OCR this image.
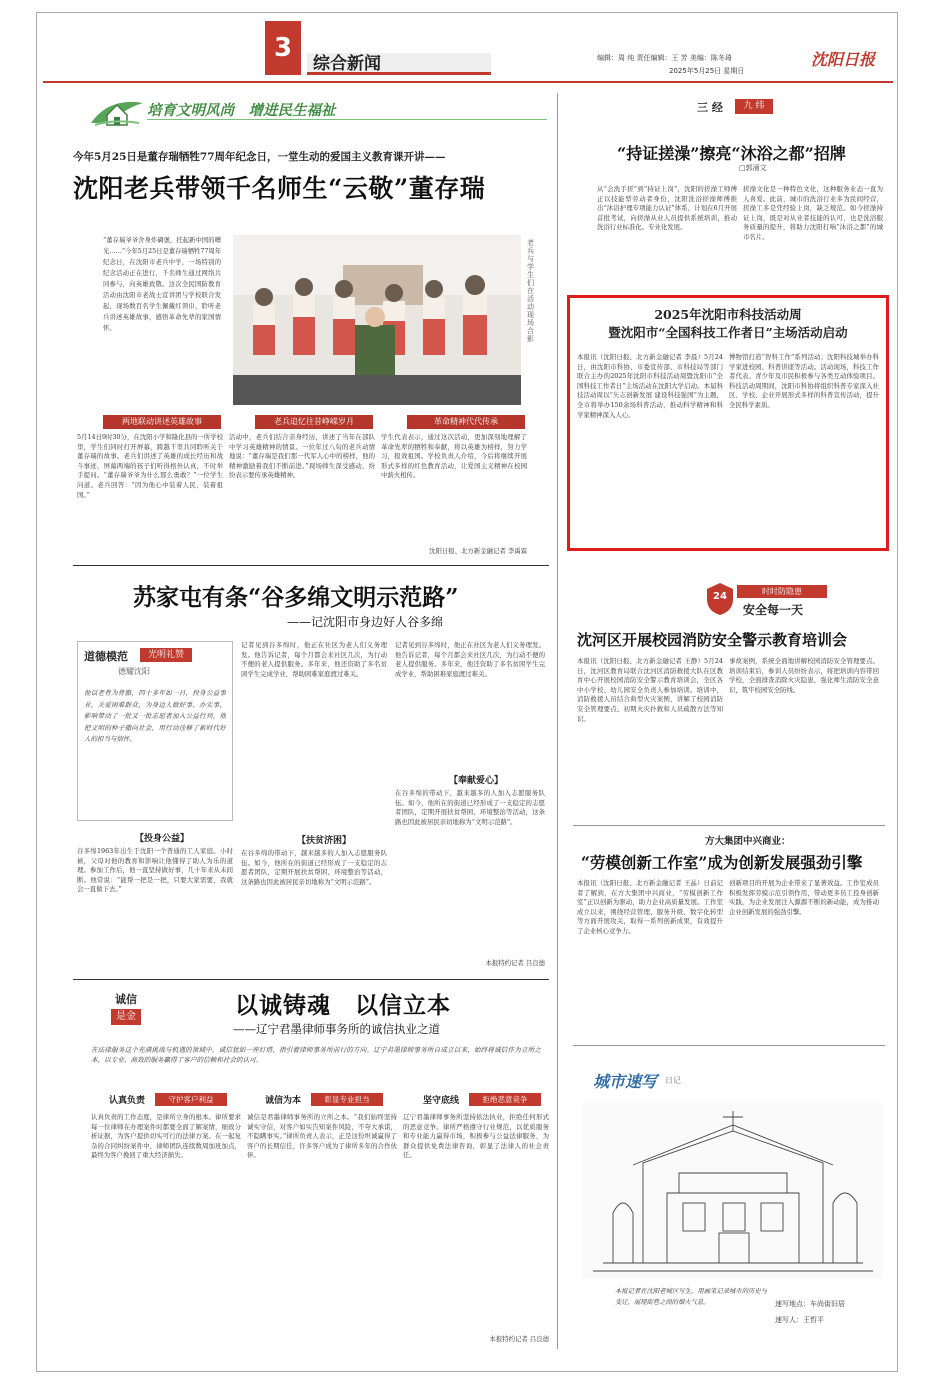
3
综合新闻	编辑：周 纯 责任编辑：王 芳 美编：陈冬琦
2025年5月25日 星期日
沈阳日报
培育文明风尚　增进民生福祉
今年5月25日是董存瑞牺牲77周年纪念日，一堂生动的爱国主义教育课开讲——
沈阳老兵带领千名师生“云敬”董存瑞
“董存瑞爷爷舍身炸碉堡，托起新中国的曙光……”今年5月25日是董存瑞牺牲77周年纪念日，在沈阳市老兵中学，一场特别的纪念活动正在进行，千名师生通过网络共同参与，向英雄致敬。这次全民国防教育活动由沈阳市老战士宣讲团与学校联合发起，现场数百名学生佩戴红领巾，聆听老兵讲述英雄故事，感悟革命先辈的家国情怀。
老兵与学生们在活动现场合影
两地联动讲述英雄故事	老兵追忆往昔峥嵘岁月	革命精神代代传承
5月14日9时30分，在沈阳小学和隆化县的一所学校里，学生们同时打开屏幕，跨越千里共同聆听关于董存瑞的故事。老兵们讲述了英雄的成长经历和战斗事迹，屏幕两端的孩子们听得格外认真，不时举手提问。“董存瑞爷爷为什么那么勇敢？”一位学生问道。老兵回答：“因为他心中装着人民，装着祖国。”
活动中，老兵们结合亲身经历，讲述了当年在部队中学习英雄精神的情景。一位年过八旬的老兵动情地说：“董存瑞是我们那一代军人心中的榜样，他的精神激励着我们不断前进。”现场师生深受感动，纷纷表示要传承英雄精神。
学生代表表示，通过这次活动，更加深刻地理解了革命先辈的牺牲和奉献，将以英雄为榜样，努力学习，报效祖国。学校负责人介绍，今后将继续开展形式多样的红色教育活动，让爱国主义精神在校园中薪火相传。
沈阳日报、北方新金融记者 李禹霖
苏家屯有条“谷多绵文明示范路”
——记沈阳市身边好人谷多绵
道德模范	光明礼赞
德耀沈阳
他以老骨为骨骼，四十多年如一日，投身公益事业，关爱困难群众，为身边人做好事、办实事，影响带动了一批又一批志愿者加入公益行列，他把文明的种子撒向社会，用行动诠释了新时代好人的担当与情怀。
【投身公益】
谷多绵1963年出生于沈阳一个普通的工人家庭。小时候，父母对他的教育和影响让他懂得了助人为乐的道理。参加工作后，他一直坚持做好事，几十年来从未间断。他常说：“能帮一把是一把，只要大家需要，我就会一直做下去。”
记者见到谷多绵时，他正在社区为老人们义务理发。他告诉记者，每个月都会来社区几次，为行动不便的老人提供服务。多年来，他还资助了多名贫困学生完成学业，帮助困难家庭渡过难关。
【扶贫济困】
在谷多绵的带动下，越来越多的人加入志愿服务队伍。如今，他所在的街道已经形成了一支稳定的志愿者团队，定期开展扶贫帮困、环境整治等活动，这条路也因此被居民亲切地称为“文明示范路”。
记者见到谷多绵时，他正在社区为老人们义务理发。他告诉记者，每个月都会来社区几次，为行动不便的老人提供服务。多年来，他还资助了多名贫困学生完成学业，帮助困难家庭渡过难关。
【奉献爱心】
在谷多绵的带动下，越来越多的人加入志愿服务队伍。如今，他所在的街道已经形成了一支稳定的志愿者团队，定期开展扶贫帮困、环境整治等活动，这条路也因此被居民亲切地称为“文明示范路”。
本报特约记者 吕良德
诚信
是金	以诚铸魂　以信立本
——辽宁君墨律师事务所的诚信执业之道
在法律服务这个充满挑战与机遇的领域中，诚信犹如一座灯塔，指引着律师事务所前行的方向。辽宁君墨律师事务所自成立以来，始终将诚信作为立所之本，以专业、高效的服务赢得了客户的信赖和社会的认可。
认真负责	守护客户利益	诚信为本	彰显专业担当	坚守底线	拒绝恶意竞争
认真负责的工作态度，是律所立身的根本。律所要求每一位律师在办理案件时都要全面了解案情，细致分析证据，为客户提供切实可行的法律方案。在一起复杂的合同纠纷案件中，律师团队连续数周加班加点，最终为客户挽回了重大经济损失。
诚信是君墨律师事务所的立所之本。“我们始终坚持诚实守信，对客户如实告知案件风险，不夸大承诺，不隐瞒事实。”律所负责人表示，正是这份坦诚赢得了客户的长期信任，许多客户成为了律所多年的合作伙伴。
辽宁君墨律师事务所坚持依法执业，拒绝任何形式的恶意竞争。律所严格遵守行业规范，以优质服务和专业能力赢得市场，积极参与公益法律服务，为群众提供免费法律咨询，彰显了法律人的社会责任。
本报特约记者 吕良德
三 经	九 纬
“持证搓澡”擦亮“沐浴之都”招牌
□郭涌文
从“会洗手搓”到“持证上岗”，沈阳的搓澡工师傅正以技能型劳动者身份，沈阳洗浴搓澡师傅推出“沐浴护理专项能力认证”体系，计划在6月开展首批考试，向搓澡从业人员提供系统培训，推动洗浴行业标准化、专业化发展。
搓澡文化是一种特色文化，这种服务业态一直为人喜爱。此前，城市的洗浴行业多为民间经营，搓澡工多是凭经验上岗，缺乏规范。如今搓澡持证上岗，既是对从业者技能的认可，也是洗浴服务质量的提升，将助力沈阳打响“沐浴之都”的城市名片。
2025年沈阳市科技活动周
暨沈阳市“全国科技工作者日”主场活动启动
本报讯（沈阳日报、北方新金融记者 李晨）5月24日，由沈阳市科协、市委宣传部、市科技局等部门联合主办的2025年沈阳市科技活动周暨沈阳市“全国科技工作者日”主场活动在沈阳大学启动。本届科技活动周以“矢志创新发展 建设科技强国”为主题，全市将举办150余场科普活动，推动科学精神和科学家精神深入人心。
博物馆打造“智科工作”系列活动；沈阳科技城举办科学家进校园、科普讲座等活动。活动现场，科技工作者代表、青少年及市民积极参与各类互动体验项目。科技活动周期间，沈阳市科协将组织科普专家深入社区、学校、企业开展形式多样的科普宣传活动，提升全民科学素质。
24	时时防隐患
安全每一天
沈河区开展校园消防安全警示教育培训会
本报讯（沈阳日报、北方新金融记者 王静）5月24日，沈河区教育局联合沈河区消防救援大队在区教育中心开展校园消防安全警示教育培训会，全区各中小学校、幼儿园安全负责人参加培训。培训中，消防救援人员结合典型火灾案例，讲解了校园消防安全管理要点、初期火灾扑救和人员疏散方法等知识。
事故案例，系统全面地讲解校园消防安全管理要点。培训结束后，参训人员纷纷表示，将把培训内容带回学校，全面排查消除火灾隐患，强化师生消防安全意识，筑牢校园安全防线。
方大集团中兴商业：
“劳模创新工作室”成为创新发展强劲引擎
本报讯（沈阳日报、北方新金融记者 王晶）日前记者了解到，在方大集团中兴商业，“劳模创新工作室”正以创新为驱动，助力企业高质量发展。工作室成立以来，围绕经营管理、服务升级、数字化转型等方面开展攻关，取得一系列创新成果，有效提升了企业核心竞争力。
创新项目的开展为企业带来了显著效益。工作室成员积极发挥劳模示范引领作用，带动更多员工投身创新实践，为企业发展注入源源不断的新动能，成为推动企业创新发展的强劲引擎。
城市速写 日记
本报记者在沈阳老城区写生，用画笔记录城市的历史与变迁，展现街巷之间的烟火气息。	速写地点：车尚街旧居
速写人：王哲平
